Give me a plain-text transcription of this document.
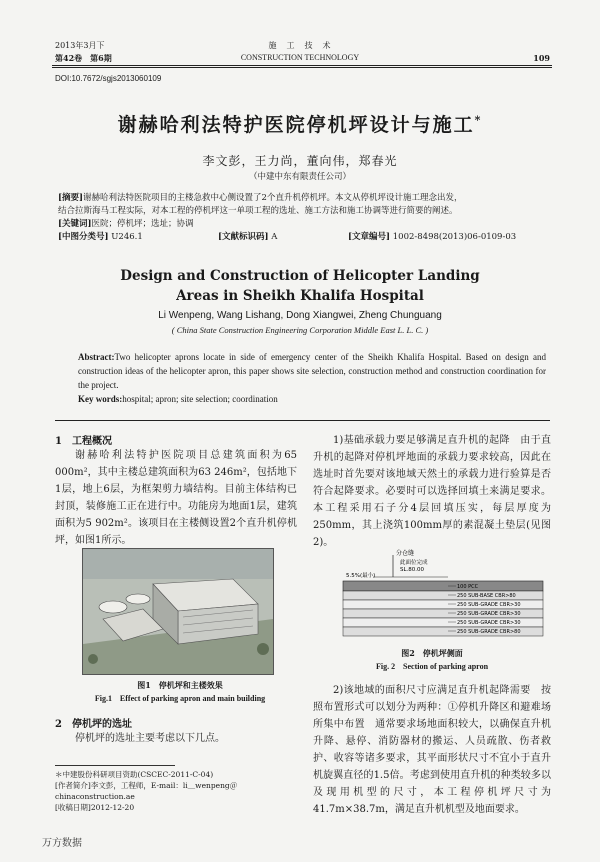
2013年3月下
第42卷　第6期
施　工　技　术
CONSTRUCTION TECHNOLOGY	109
DOI:10.7672/sgjs2013060109
谢赫哈利法特护医院停机坪设计与施工*
李文彭，王力尚，董向伟，郑春光
（中建中东有限责任公司）
[摘要]谢赫哈利法特医院项目的主楼急救中心侧设置了2个直升机停机坪。本文从停机坪设计施工理念出发，
结合拉斯海马工程实际，对本工程的停机坪这一单项工程的选址、施工方法和施工协调等进行简要的阐述。
[关键词]医院；停机坪；选址；协调
[中图分类号] U246.1	[文献标识码] A	[文章编号] 1002-8498(2013)06-0109-03
Design and Construction of Helicopter Landing
Areas in Sheikh Khalifa Hospital
Li Wenpeng, Wang Lishang, Dong Xiangwei, Zheng Chunguang
( China State Construction Engineering Corporation Middle East L. L. C. )
Abstract:Two helicopter aprons locate in side of emergency center of the Sheikh Khalifa Hospital. Based on design and construction ideas of the helicopter apron, this paper shows site selection, construction method and construction coordination for the project.
Key words:hospital; apron; site selection; coordination
1　工程概况
谢赫哈利法特护医院项目总建筑面积为65 000m²，其中主楼总建筑面积为63 246m²，包括地下1层，地上6层，为框架剪力墙结构。目前主体结构已封顶，装修施工正在进行中。功能房为地面1层，建筑面积为5 902m²。该项目在主楼侧设置2个直升机停机坪，如图1所示。
图1　停机坪和主楼效果
Fig.1　Effect of parking apron and main building
2　停机坪的选址
停机坪的选址主要考虑以下几点。
＊中建股份科研项目资助(CSCEC-2011-C-04)
[作者简介]李文彭，工程师，E-mail：li＿wenpeng＠chinaconstruction.ae
[收稿日期]2012-12-20
1)基础承载力要足够满足直升机的起降　由于直升机的起降对停机坪地面的承载力要求较高，因此在选址时首先要对该地域天然土的承载力进行验算是否符合起降要求。必要时可以选择回填土来满足要求。本工程采用石子分4层回填压实，每层厚度为250mm，其上浇筑100mm厚的素混凝土垫层(见图2)。
分仓缝
此面位完成
SL.80.00
5.5%(最小)
100 PCC
250 SUB-BASE CBR>80
250 SUB-GRADE CBR>30
250 SUB-GRADE CBR>30
250 SUB-GRADE CBR>30
250 SUB-GRADE CBR>80
图2　停机坪侧面
Fig. 2　Section of parking apron
2)该地域的面积尺寸应满足直升机起降需要　按照布置形式可以划分为两种：①停机升降区和避难场所集中布置　通常要求场地面积较大，以确保直升机升降、悬停、消防器材的搬运、人员疏散、伤者救护、收容等诸多要求，其平面形状尺寸不宜小于直升机旋翼直径的1.5倍。考虑到使用直升机的种类较多以及现用机型的尺寸，本工程停机坪尺寸为41.7m×38.7m，满足直升机机型及地面要求。
万方数据
